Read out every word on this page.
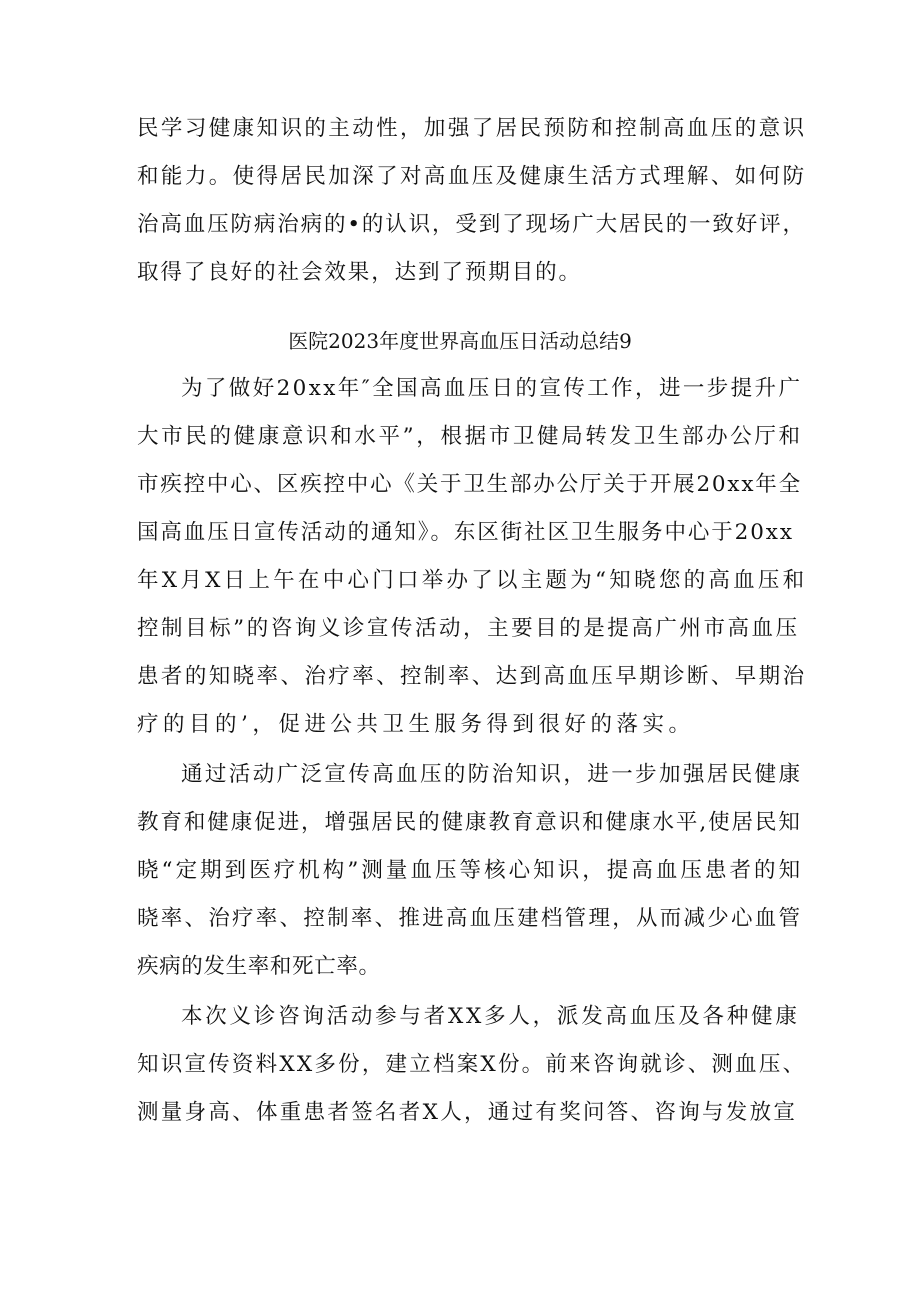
民学习健康知识的主动性，加强了居民预防和控制高血压的意识
和能力。使得居民加深了对高血压及健康生活方式理解、如何防
治高血压防病治病的•的认识，受到了现场广大居民的一致好评，
取得了良好的社会效果，达到了预期目的。
医院2023年度世界高血压日活动总结9
为了做好20xx年″全国高血压日的宣传工作，进一步提升广
大市民的健康意识和水平”，根据市卫健局转发卫生部办公厅和
市疾控中心、区疾控中心《关于卫生部办公厅关于开展20xx年全
国高血压日宣传活动的通知》。东区街社区卫生服务中心于20xx
年X月X日上午在中心门口举办了以主题为“知晓您的高血压和
控制目标”的咨询义诊宣传活动，主要目的是提高广州市高血压
患者的知晓率、治疗率、控制率、达到高血压早期诊断、早期治
疗的目的’，促进公共卫生服务得到很好的落实。
通过活动广泛宣传高血压的防治知识，进一步加强居民健康
教育和健康促进，增强居民的健康教育意识和健康水平,使居民知
晓“定期到医疗机构”测量血压等核心知识，提高血压患者的知
晓率、治疗率、控制率、推进高血压建档管理，从而减少心血管
疾病的发生率和死亡率。
本次义诊咨询活动参与者XX多人，派发高血压及各种健康
知识宣传资料XX多份，建立档案X份。前来咨询就诊、测血压、
测量身高、体重患者签名者X人，通过有奖问答、咨询与发放宣
